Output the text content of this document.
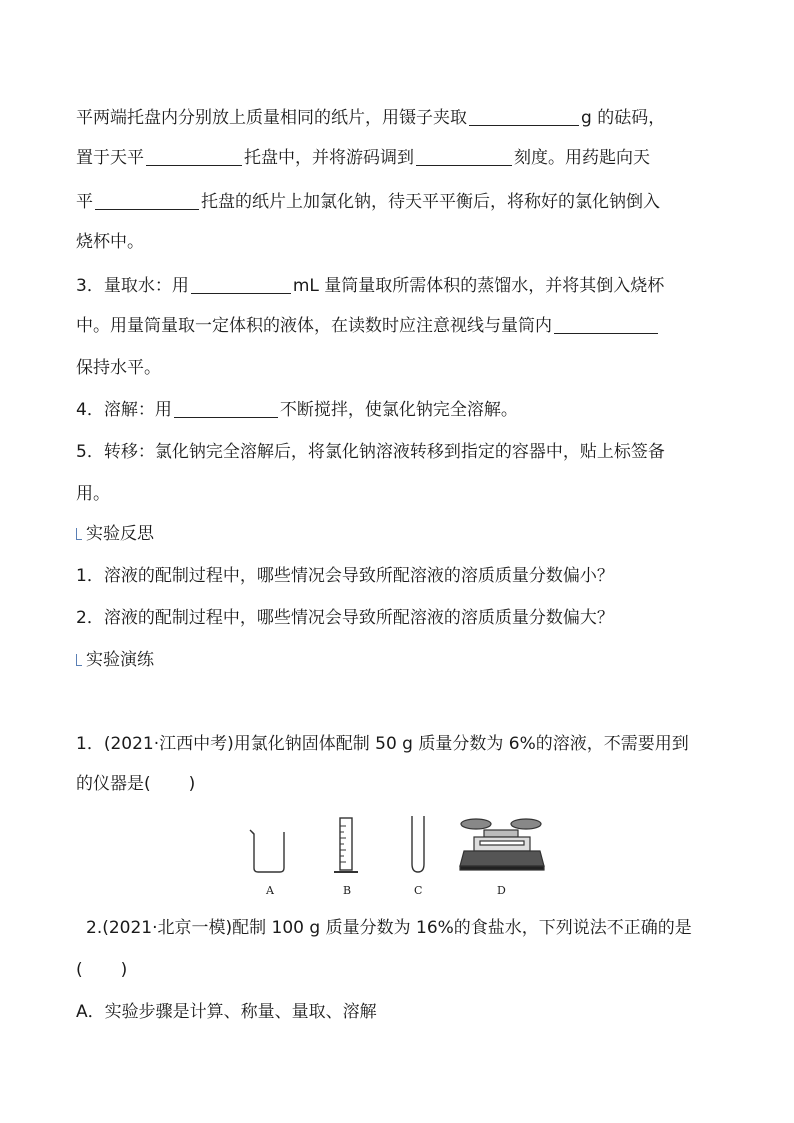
平两端托盘内分别放上质量相同的纸片，用镊子夹取	g 的砝码，
置于天平	托盘中，并将游码调到	刻度。用药匙向天
平	托盘的纸片上加氯化钠，待天平平衡后，将称好的氯化钠倒入
烧杯中。
3．量取水：用	mL 量筒量取所需体积的蒸馏水，并将其倒入烧杯
中。用量筒量取一定体积的液体，在读数时应注意视线与量筒内
保持水平。
4．溶解：用	不断搅拌，使氯化钠完全溶解。
5．转移：氯化钠完全溶解后，将氯化钠溶液转移到指定的容器中，贴上标签备
用。
实验反思
1．溶液的配制过程中，哪些情况会导致所配溶液的溶质质量分数偏小？
2．溶液的配制过程中，哪些情况会导致所配溶液的溶质质量分数偏大？
实验演练
1．(2021·江西中考)用氯化钠固体配制 50 g 质量分数为 6%的溶液，不需要用到
的仪器是( )
A	B	C	D
2.(2021·北京一模)配制 100 g 质量分数为 16%的食盐水，下列说法不正确的是
( )
A．实验步骤是计算、称量、量取、溶解
